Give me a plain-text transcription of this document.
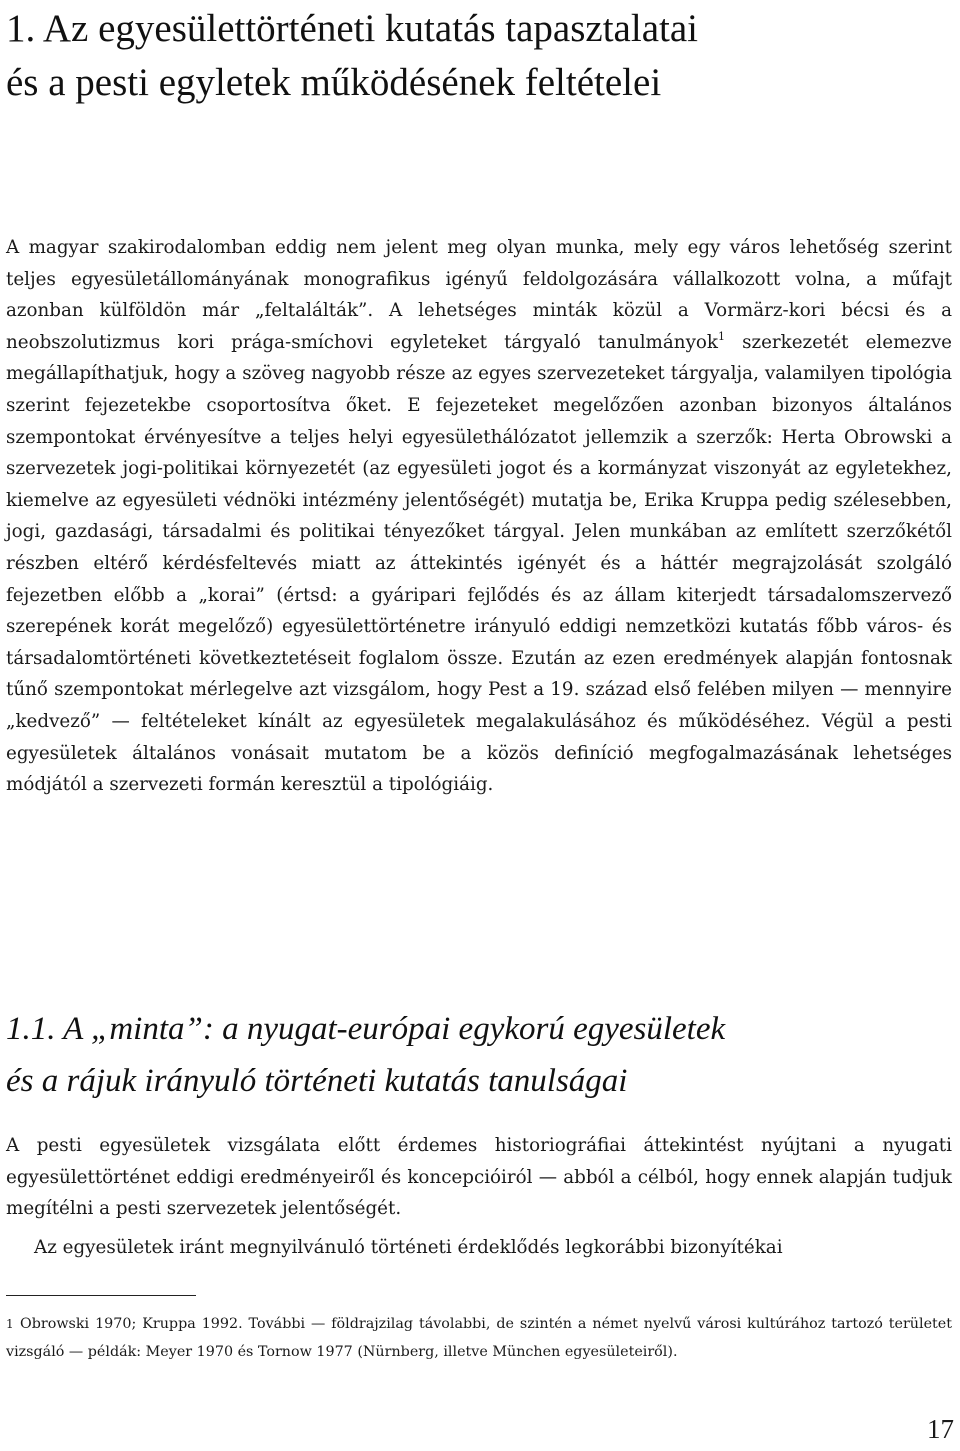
1. Az egyesülettörténeti kutatás tapasztalatai
és a pesti egyletek működésének feltételei

A magyar szakirodalomban eddig nem jelent meg olyan munka, mely egy város lehetőség szerint teljes egyesületállományának monografikus igényű feldolgozására vállalkozott volna, a műfajt azonban külföldön már „feltalálták”. A lehetséges minták közül a Vormärz-kori bécsi és a neobszolutizmus kori prága-smíchovi egyleteket tárgyaló tanulmányok$^1$ szerkezetét elemezve megállapíthatjuk, hogy a szöveg nagyobb része az egyes szervezeteket tárgyalja, valamilyen tipológia szerint fejezetekbe csoportosítva őket. E fejezeteket megelőzően azonban bizonyos általános szempontokat érvényesítve a teljes helyi egyesülethálózatot jellemzik a szerzők: Herta Obrowski a szervezetek jogi-politikai környezetét (az egyesületi jogot és a kormányzat viszonyát az egyletekhez, kiemelve az egyesületi védnöki intézmény jelentőségét) mutatja be, Erika Kruppa pedig szélesebben, jogi, gazdasági, társadalmi és politikai tényezőket tárgyal. Jelen munkában az említett szerzőkétől részben eltérő kérdésfeltevés miatt az áttekintés igényét és a háttér megrajzolását szolgáló fejezetben előbb a „korai” (értsd: a gyáripari fejlődés és az állam kiterjedt társadalomszervező szerepének korát megelőző) egyesülettörténetre irányuló eddigi nemzetközi kutatás főbb város- és társadalomtörténeti következtetéseit foglalom össze. Ezután az ezen eredmények alapján fontosnak tűnő szempontokat mérlegelve azt vizsgálom, hogy Pest a 19. század első felében milyen — mennyire „kedvező” — feltételeket kínált az egyesületek megalakulásához és működéséhez. Végül a pesti egyesületek általános vonásait mutatom be a közös definíció megfogalmazásának lehetséges módjától a szervezeti formán keresztül a tipológiáig.

1.1. A „minta”: a nyugat-európai egykorú egyesületek
és a rájuk irányuló történeti kutatás tanulságai

A pesti egyesületek vizsgálata előtt érdemes historiográfiai áttekintést nyújtani a nyugati egyesülettörténet eddigi eredményeiről és koncepcióiról — abból a célból, hogy ennek alapján tudjuk megítélni a pesti szervezetek jelentőségét.

Az egyesületek iránt megnyilvánuló történeti érdeklődés legkorábbi bizonyítékai

1 Obrowski 1970; Kruppa 1992. További — földrajzilag távolabbi, de szintén a német nyelvű városi kultúrához tartozó területet vizsgáló — példák: Meyer 1970 és Tornow 1977 (Nürnberg, illetve München egyesületeiről).

17
